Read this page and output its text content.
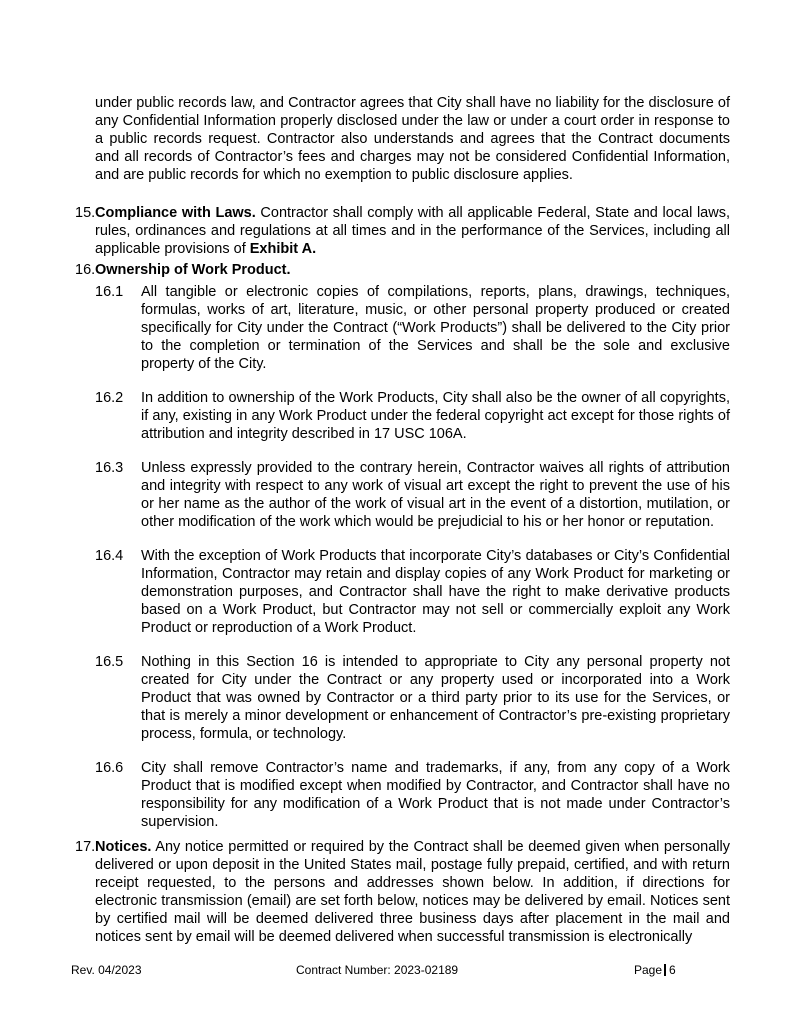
under public records law, and Contractor agrees that City shall have no liability for the disclosure of any Confidential Information properly disclosed under the law or under a court order in response to a public records request. Contractor also understands and agrees that the Contract documents and all records of Contractor’s fees and charges may not be considered Confidential Information, and are public records for which no exemption to public disclosure applies.

15. Compliance with Laws. Contractor shall comply with all applicable Federal, State and local laws, rules, ordinances and regulations at all times and in the performance of the Services, including all applicable provisions of Exhibit A.

16. Ownership of Work Product.

16.1 All tangible or electronic copies of compilations, reports, plans, drawings, techniques, formulas, works of art, literature, music, or other personal property produced or created specifically for City under the Contract (“Work Products”) shall be delivered to the City prior to the completion or termination of the Services and shall be the sole and exclusive property of the City.

16.2 In addition to ownership of the Work Products, City shall also be the owner of all copyrights, if any, existing in any Work Product under the federal copyright act except for those rights of attribution and integrity described in 17 USC 106A.

16.3 Unless expressly provided to the contrary herein, Contractor waives all rights of attribution and integrity with respect to any work of visual art except the right to prevent the use of his or her name as the author of the work of visual art in the event of a distortion, mutilation, or other modification of the work which would be prejudicial to his or her honor or reputation.

16.4 With the exception of Work Products that incorporate City’s databases or City’s Confidential Information, Contractor may retain and display copies of any Work Product for marketing or demonstration purposes, and Contractor shall have the right to make derivative products based on a Work Product, but Contractor may not sell or commercially exploit any Work Product or reproduction of a Work Product.

16.5 Nothing in this Section 16 is intended to appropriate to City any personal property not created for City under the Contract or any property used or incorporated into a Work Product that was owned by Contractor or a third party prior to its use for the Services, or that is merely a minor development or enhancement of Contractor’s pre-existing proprietary process, formula, or technology.

16.6 City shall remove Contractor’s name and trademarks, if any, from any copy of a Work Product that is modified except when modified by Contractor, and Contractor shall have no responsibility for any modification of a Work Product that is not made under Contractor’s supervision.

17. Notices. Any notice permitted or required by the Contract shall be deemed given when personally delivered or upon deposit in the United States mail, postage fully prepaid, certified, and with return receipt requested, to the persons and addresses shown below. In addition, if directions for electronic transmission (email) are set forth below, notices may be delivered by email. Notices sent by certified mail will be deemed delivered three business days after placement in the mail and notices sent by email will be deemed delivered when successful transmission is electronically

Rev. 04/2023	Contract Number: 2023-02189	Page 6
